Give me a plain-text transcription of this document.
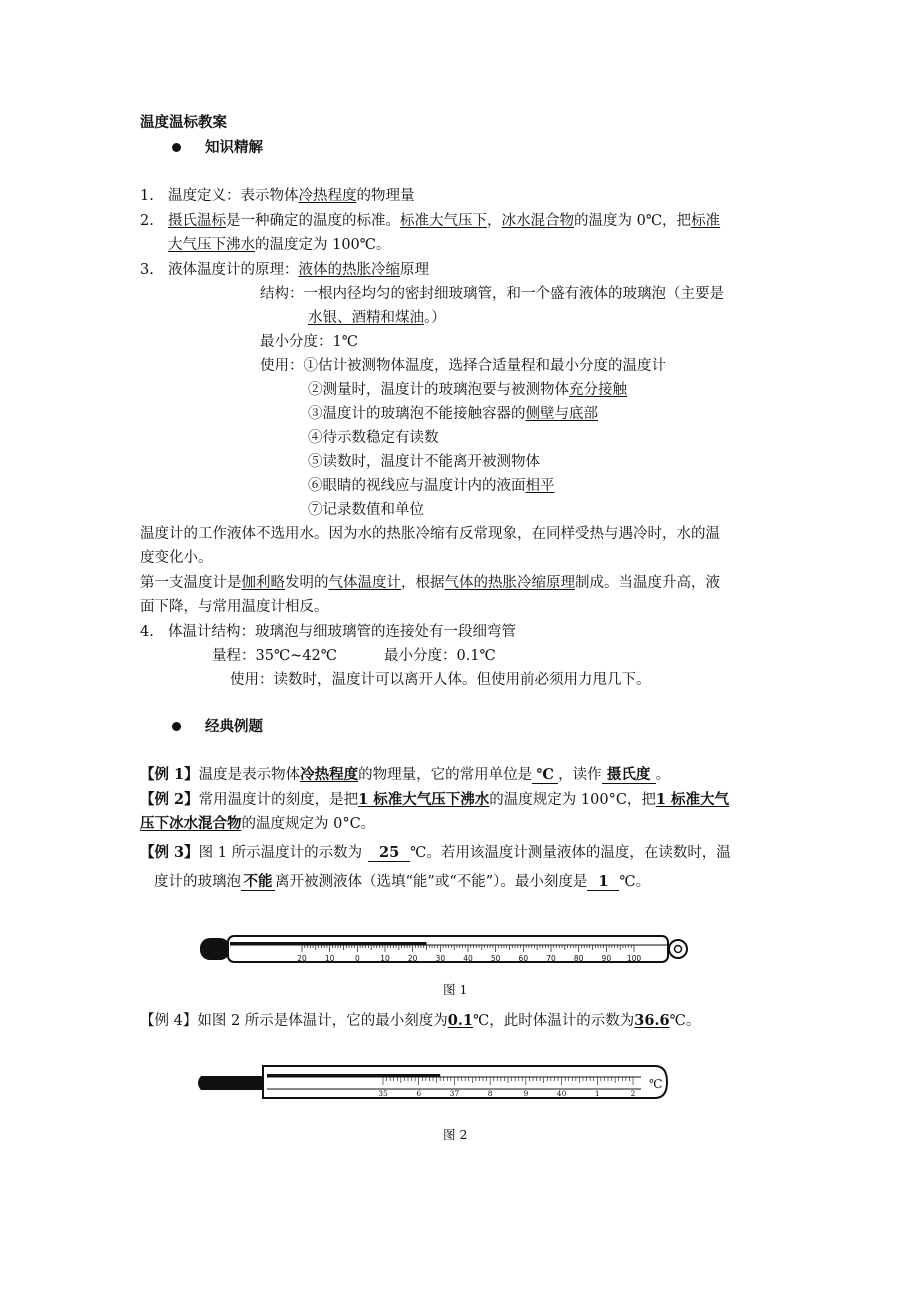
温度温标教案
知识精解
1. 温度定义：表示物体冷热程度的物理量
2. 摄氏温标是一种确定的温度的标准。标准大气压下，冰水混合物的温度为 0℃，把标准
大气压下沸水的温度定为 100℃。
3. 液体温度计的原理：液体的热胀冷缩原理
结构：一根内径均匀的密封细玻璃管，和一个盛有液体的玻璃泡（主要是
水银、酒精和煤油。）
最小分度：1℃
使用：①估计被测物体温度，选择合适量程和最小分度的温度计
②测量时，温度计的玻璃泡要与被测物体充分接触
③温度计的玻璃泡不能接触容器的侧壁与底部
④待示数稳定有读数
⑤读数时，温度计不能离开被测物体
⑥眼睛的视线应与温度计内的液面相平
⑦记录数值和单位
温度计的工作液体不选用水。因为水的热胀冷缩有反常现象，在同样受热与遇冷时，水的温
度变化小。
第一支温度计是伽利略发明的气体温度计，根据气体的热胀冷缩原理制成。当温度升高，液
面下降，与常用温度计相反。
4. 体温计结构：玻璃泡与细玻璃管的连接处有一段细弯管
量程：35℃~42℃	最小分度：0.1℃
使用：读数时，温度计可以离开人体。但使用前必须用力甩几下。
经典例题
【例 1】温度是表示物体冷热程度的物理量，它的常用单位是 ℃ ，读作 摄氏度 。
【例 2】常用温度计的刻度，是把1 标准大气压下沸水的温度规定为 100°C，把1 标准大气
压下冰水混合物的温度规定为 0°C。
【例 3】图 1 所示温度计的示数为 25 ℃。若用该温度计测量液体的温度，在读数时，温
度计的玻璃泡 不能 离开被测液体（选填“能”或“不能”）。最小刻度是 1 ℃。
20 10	0	10 20 30 40 50 60 70 80 90 100
图 1
【例 4】如图 2 所示是体温计，它的最小刻度为0.1℃，此时体温计的示数为36.6℃。
35	6	37	8	9	40	1	2
℃
图 2
